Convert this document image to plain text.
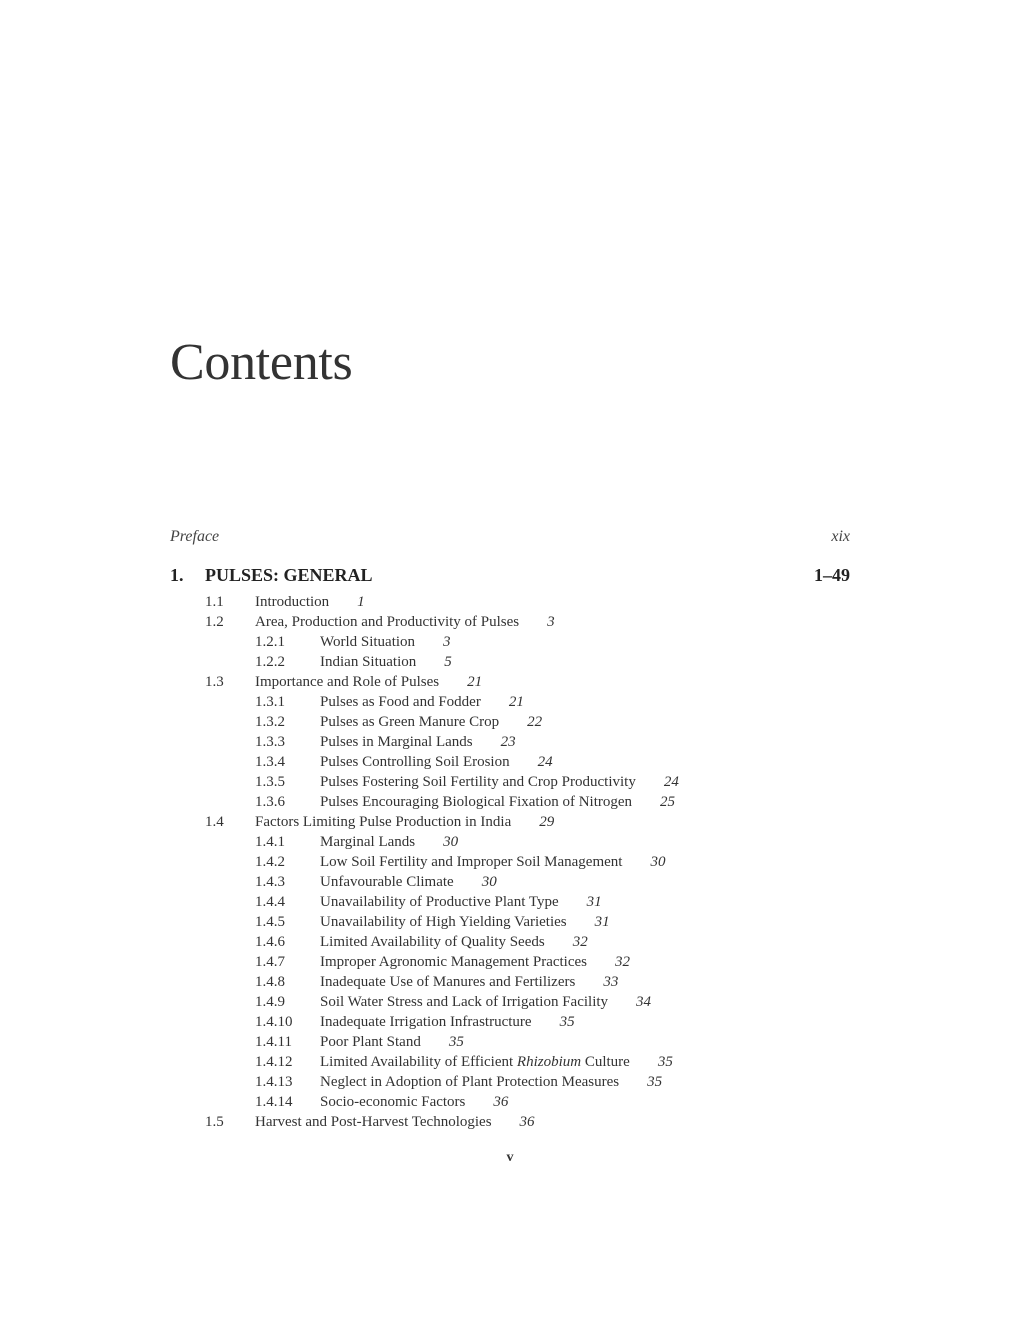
Contents
Preface	xix
1. PULSES: GENERAL	1–49
1.1 Introduction 1
1.2 Area, Production and Productivity of Pulses 3
1.2.1 World Situation 3
1.2.2 Indian Situation 5
1.3 Importance and Role of Pulses 21
1.3.1 Pulses as Food and Fodder 21
1.3.2 Pulses as Green Manure Crop 22
1.3.3 Pulses in Marginal Lands 23
1.3.4 Pulses Controlling Soil Erosion 24
1.3.5 Pulses Fostering Soil Fertility and Crop Productivity 24
1.3.6 Pulses Encouraging Biological Fixation of Nitrogen 25
1.4 Factors Limiting Pulse Production in India 29
1.4.1 Marginal Lands 30
1.4.2 Low Soil Fertility and Improper Soil Management 30
1.4.3 Unfavourable Climate 30
1.4.4 Unavailability of Productive Plant Type 31
1.4.5 Unavailability of High Yielding Varieties 31
1.4.6 Limited Availability of Quality Seeds 32
1.4.7 Improper Agronomic Management Practices 32
1.4.8 Inadequate Use of Manures and Fertilizers 33
1.4.9 Soil Water Stress and Lack of Irrigation Facility 34
1.4.10 Inadequate Irrigation Infrastructure 35
1.4.11 Poor Plant Stand 35
1.4.12 Limited Availability of Efficient Rhizobium Culture 35
1.4.13 Neglect in Adoption of Plant Protection Measures 35
1.4.14 Socio-economic Factors 36
1.5 Harvest and Post-Harvest Technologies 36
v
